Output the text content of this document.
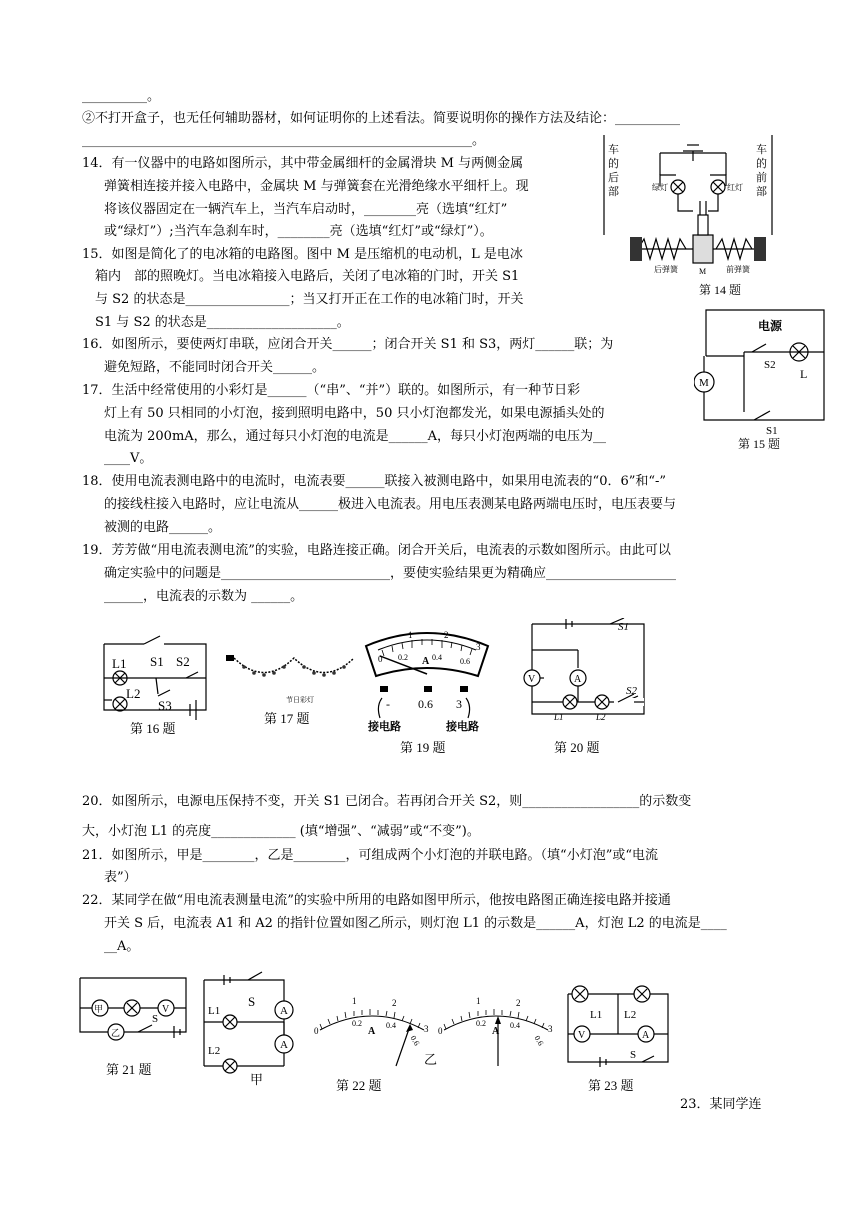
__________。
②不打开盒子，也无任何辅助器材，如何证明你的上述看法。简要说明你的操作方法及结论：__________
____________________________________________________________。
14．有一仪器中的电路如图所示，其中带金属细杆的金属滑块 M 与两侧金属
弹簧相连接并接入电路中，金属块 M 与弹簧套在光滑绝缘水平细杆上。现
将该仪器固定在一辆汽车上，当汽车启动时，________亮（选填“红灯”
或“绿灯”）;当汽车急刹车时，________亮（选填“红灯”或“绿灯”）。
15．如图是简化了的电冰箱的电路图。图中 M 是压缩机的电动机，L 是电冰
箱内　部的照晚灯。当电冰箱接入电路后，关闭了电冰箱的门时，开关 S1
与 S2 的状态是________________；当又打开正在工作的电冰箱门时，开关
S1 与 S2 的状态是____________________。
16．如图所示，要使两灯串联，应闭合开关______；闭合开关 S1 和 S3，两灯______联；为
避免短路，不能同时闭合开关______。
17．生活中经常使用的小彩灯是______（“串”、“并”）联的。如图所示，有一种节日彩
灯上有 50 只相同的小灯泡，接到照明电路中，50 只小灯泡都发光，如果电源插头处的
电流为 200mA，那么，通过每只小灯泡的电流是______A，每只小灯泡两端的电压为__
____V。
18．使用电流表测电路中的电流时，电流表要______联接入被测电路中，如果用电流表的“0．6”和“-”
的接线柱接入电路时，应让电流从______极进入电流表。用电压表测某电路两端电压时，电压表要与
被测的电路______。
19．芳芳做“用电流表测电流”的实验，电路连接正确。闭合开关后，电流表的示数如图所示。由此可以
确定实验中的问题是__________________________，要使实验结果更为精确应____________________
______，电流表的示数为 ______。
20．如图所示，电源电压保持不变，开关 S1 已闭合。若再闭合开关 S2，则__________________的示数变
大，小灯泡 L1 的亮度_____________ (填“增强”、“减弱”或“不变”)。
21．如图所示，甲是________，乙是________，可组成两个小灯泡的并联电路。（填“小灯泡”或“电流
表”）
22．某同学在做“用电流表测量电流”的实验中所用的电路如图甲所示，他按电路图正确连接电路并接通
开关 S 后，电流表 A1 和 A2 的指针位置如图乙所示，则灯泡 L1 的示数是______A，灯泡 L2 的电流是____
__A。
23．某同学连
车的后部
车的前部
绿灯	红灯
后弹簧	前弹簧
M
第 14 题
电源
S2
L
M
S1
第 15 题
L1 S1 S2
L2
S3
第 16 题
节日彩灯
第 17 题
0
1	2
3
0.2	0.4 0.6
A
- 0.6 3
接电路	接电路
第 19 题
V	A
L1	L2
S1
S2
第 20 题
甲	V
乙
S
第 21 题
S
A
A
L1
L2
甲
0
1	2
3
0.2	0.4
0.6
A	0
1	2
3
0.2	0.4
0.6
A
乙
第 22 题
L1 L2
V	A
S
第 23 题
